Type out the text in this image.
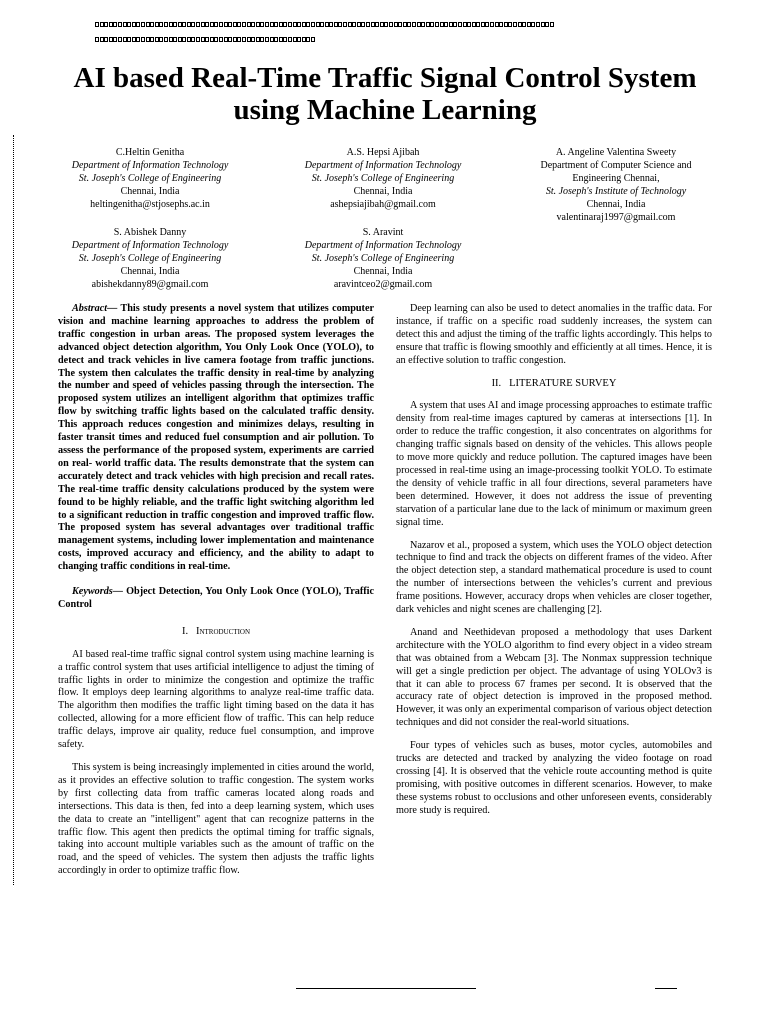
AI based Real-Time Traffic Signal Control System using Machine Learning
C.Heltin Genitha
Department of Information Technology
St. Joseph's College of Engineering
Chennai, India
heltingenitha@stjosephs.ac.in
A.S. Hepsi Ajibah
Department of Information Technology
St. Joseph's College of Engineering
Chennai, India
ashepsiajibah@gmail.com
A. Angeline Valentina Sweety
Department of Computer Science and Engineering Chennai,
St. Joseph's Institute of Technology
Chennai, India
valentinaraj1997@gmail.com
S. Abishek Danny
Department of Information Technology
St. Joseph's College of Engineering
Chennai, India
abishekdanny89@gmail.com
S. Aravint
Department of Information Technology
St. Joseph's College of Engineering
Chennai, India
aravintceo2@gmail.com

Abstract— This study presents a novel system that utilizes computer vision and machine learning approaches to address the problem of traffic congestion in urban areas. The proposed system leverages the advanced object detection algorithm, You Only Look Once (YOLO), to detect and track vehicles in live camera footage from traffic junctions. The system then calculates the traffic density in real-time by analyzing the number and speed of vehicles passing through the intersection. The proposed system utilizes an intelligent algorithm that optimizes traffic flow by switching traffic lights based on the calculated traffic density. This approach reduces congestion and minimizes delays, resulting in faster transit times and reduced fuel consumption and air pollution. To assess the performance of the proposed system, experiments are carried on real- world traffic data. The results demonstrate that the system can accurately detect and track vehicles with high precision and recall rates. The real-time traffic density calculations produced by the system were found to be highly reliable, and the traffic light switching algorithm led to a significant reduction in traffic congestion and improved traffic flow. The proposed system has several advantages over traditional traffic management systems, including lower implementation and maintenance costs, improved accuracy and efficiency, and the ability to adapt to changing traffic conditions in real-time.

Keywords— Object Detection, You Only Look Once (YOLO), Traffic Control

I. Introduction

AI based real-time traffic signal control system using machine learning is a traffic control system that uses artificial intelligence to adjust the timing of traffic lights in order to minimize the congestion and optimize the traffic flow. It employs deep learning algorithms to analyze real-time traffic data. The algorithm then modifies the traffic light timing based on the data it has collected, allowing for a more efficient flow of traffic. This can help reduce traffic delays, improve air quality, reduce fuel consumption, and improve safety.

This system is being increasingly implemented in cities around the world, as it provides an effective solution to traffic congestion. The system works by first collecting data from traffic cameras located along roads and intersections. This data is then, fed into a deep learning system, which uses the data to create an "intelligent" agent that can recognize patterns in the traffic flow. This agent then predicts the optimal timing for traffic signals, taking into account multiple variables such as the amount of traffic on the road, and the speed of vehicles. The system then adjusts the traffic lights accordingly in order to optimize traffic flow.

Deep learning can also be used to detect anomalies in the traffic data. For instance, if traffic on a specific road suddenly increases, the system can detect this and adjust the timing of the traffic lights accordingly. This helps to ensure that traffic is flowing smoothly and efficiently at all times. Hence, it is an effective solution to traffic congestion.

II. LITERATURE SURVEY

A system that uses AI and image processing approaches to estimate traffic density from real-time images captured by cameras at intersections [1]. In order to reduce the traffic congestion, it also concentrates on algorithms for changing traffic signals based on density of the vehicles. This allows people to move more quickly and reduce pollution. The captured images have been processed in real-time using an image-processing toolkit YOLO. To estimate the density of vehicle traffic in all four directions, several parameters have been determined. However, it does not address the issue of preventing starvation of a particular lane due to the lack of minimum or maximum green signal time.

Nazarov et al., proposed a system, which uses the YOLO object detection technique to find and track the objects on different frames of the video. After the object detection step, a standard mathematical procedure is used to count the number of intersections between the vehicles’s current and previous frame positions. However, accuracy drops when vehicles are closer together, dark vehicles and night scenes are challenging [2].

Anand and Neethidevan proposed a methodology that uses Darkent architecture with the YOLO algorithm to find every object in a video stream that was obtained from a Webcam [3]. The Nonmax suppression technique will get a single prediction per object. The advantage of using YOLOv3 is that it can able to process 67 frames per second. It is observed that the accuracy rate of object detection is improved in the proposed method. However, it was only an experimental comparison of various object detection techniques and did not consider the real-world situations.

Four types of vehicles such as buses, motor cycles, automobiles and trucks are detected and tracked by analyzing the video footage on road crossing [4]. It is observed that the vehicle route accounting method is quite promising, with positive outcomes in different scenarios. However, to make these systems robust to occlusions and other unforeseen events, considerably more study is required.
